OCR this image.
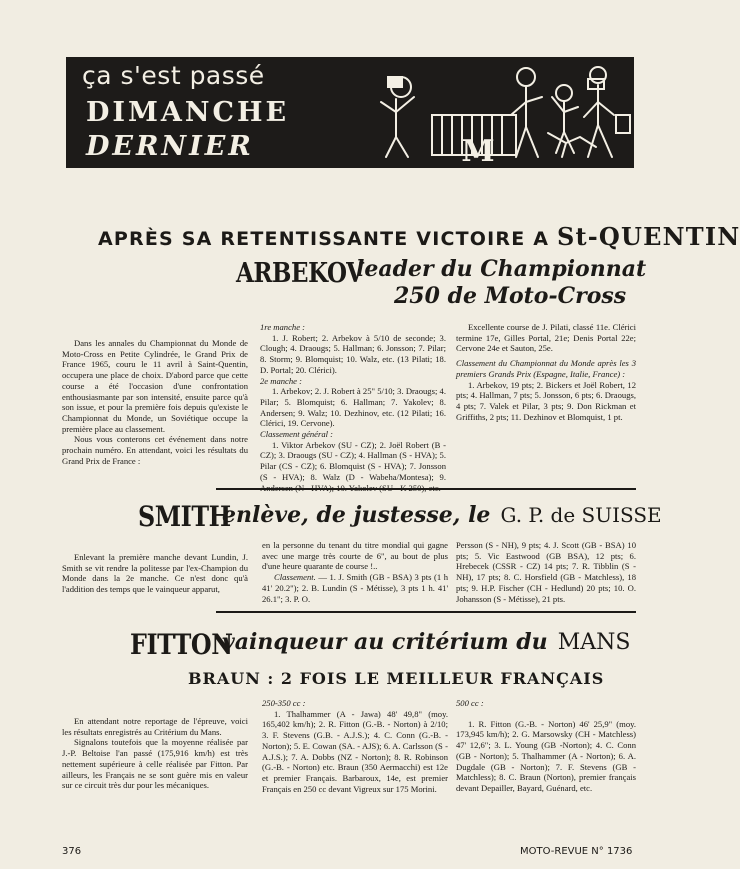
ça s'est passé
DIMANCHE
DERNIER	M
APRÈS SA RETENTISSANTE VICTOIRE A St-QUENTIN
ARBEKOV
leader du Championnat
250 de Moto-Cross

Dans les annales du Championnat du Monde de Moto-Cross en Petite Cylindrée, le Grand Prix de France 1965, couru le 11 avril à Saint-Quentin, occupera une place de choix. D'abord parce que cette course a été l'occasion d'une confrontation enthousiasmante par son intensité, ensuite parce qu'à son issue, et pour la première fois depuis qu'existe le Championnat du Monde, un Soviétique occupe la première place au classement.

Nous vous conterons cet événement dans notre prochain numéro. En attendant, voici les résultats du Grand Prix de France :

1re manche :

1. J. Robert; 2. Arbekov à 5/10 de seconde; 3. Clough; 4. Draougs; 5. Hallman; 6. Jonsson; 7. Pilar; 8. Storm; 9. Blomquist; 10. Walz, etc. (13 Pilati; 18. D. Portal; 20. Clérici).

2e manche :

1. Arbekov; 2. J. Robert à 25" 5/10; 3. Draougs; 4. Pilar; 5. Blomquist; 6. Hallman; 7. Yakolev; 8. Andersen; 9. Walz; 10. Dezhinov, etc. (12 Pilati; 16. Clérici, 19. Cervone).

Classement général :

1. Viktor Arbekov (SU - CZ); 2. Joël Robert (B - CZ); 3. Draougs (SU - CZ); 4. Hallman (S - HVA); 5. Pilar (CS - CZ); 6. Blomquist (S - HVA); 7. Jonsson (S - HVA); 8. Walz (D - Wabeha/Montesa); 9.

Excellente course de J. Pilati, classé 11e. Clérici termine 17e, Gilles Portal, 21e; Denis Portal 22e; Cervone 24e et Sauton, 25e.

Classement du Championnat du Monde après les 3 premiers Grands Prix (Espagne, Italie, France) :

1. Arbekov, 19 pts; 2. Bickers et Joël Robert, 12 pts; 4. Hallman, 7 pts; 5. Jonsson, 6 pts; 6. Draougs, 4 pts; 7. Valek et Pilar, 3 pts; 9. Don Rickman et Griffiths, 2 pts; 11. Dezhinov et Blomquist, 1 pt.

SMITH
enlève, de justesse, le G. P. de SUISSE

Enlevant la première manche devant Lundin, J. Smith se vit rendre la politesse par l'ex-Champion du Monde dans la 2e manche. Ce n'est donc qu'à l'addition des temps que le vainqueur apparut,

en la personne du tenant du titre mondial qui gagne avec une marge très courte de 6", au bout de plus d'une heure quarante de course !..

Classement. — 1. J. Smith (GB - BSA) 3 pts (1 h 41' 20.2"); 2. B. Lundin (S - Métisse), 3 pts 1 h. 41' 26.1"; 3. P. O.

Persson (S - NH), 9 pts; 4. J. Scott (GB - BSA) 10 pts; 5. Vic Eastwood (GB BSA), 12 pts; 6. Hrebecek (CSSR - CZ) 14 pts; 7. R. Tibblin (S - NH), 17 pts; 8. C. Horsfield (GB - Matchless), 18 pts; 9. H.P. Fischer (CH - Hedlund) 20 pts; 10. O. Johansson (S - Métisse), 21 pts.

FITTON
vainqueur au critérium du MANS
BRAUN : 2 FOIS LE MEILLEUR FRANÇAIS

En attendant notre reportage de l'épreuve, voici les résultats enregistrés au Critérium du Mans.

Signalons toutefois que la moyenne réalisée par J.-P. Beltoise l'an passé (175,916 km/h) est très nettement supérieure à celle réalisée par Fitton. Par ailleurs, les Français ne se sont guère mis en valeur sur ce circuit très dur pour les mécaniques.

250-350 cc :

1. Thalhammer (A - Jawa) 48' 49,8" (moy. 165,402 km/h); 2. R. Fitton (G.-B. - Norton) à 2/10; 3. F. Stevens (G.B. - A.J.S.); 4. C. Conn (G.-B. - Norton); 5. E. Cowan (SA. - AJS); 6. A. Carlsson (S - A.J.S.); 7. A. Dobbs (NZ - Norton); 8. R. Robinson (G.-B. - Norton) etc. Braun (350 Aermacchi) est 12e et premier Français. Barbaroux, 14e, est premier Français en 250 cc devant Vigreux sur 175 Morini.

500 cc :

1. R. Fitton (G.-B. - Norton) 46' 25,9" (moy. 173,945 km/h); 2. G. Marsowsky (CH - Matchless) 47' 12,6"; 3. L. Young (GB -Norton); 4. C. Conn (GB - Norton); 5. Thalhammer (A - Norton); 6. A. Dugdale (GB - Norton); 7. F. Stevens (GB - Matchless); 8. C. Braun (Norton), premier français devant Depailler, Bayard, Guénard, etc.

376	MOTO-REVUE N° 1736
